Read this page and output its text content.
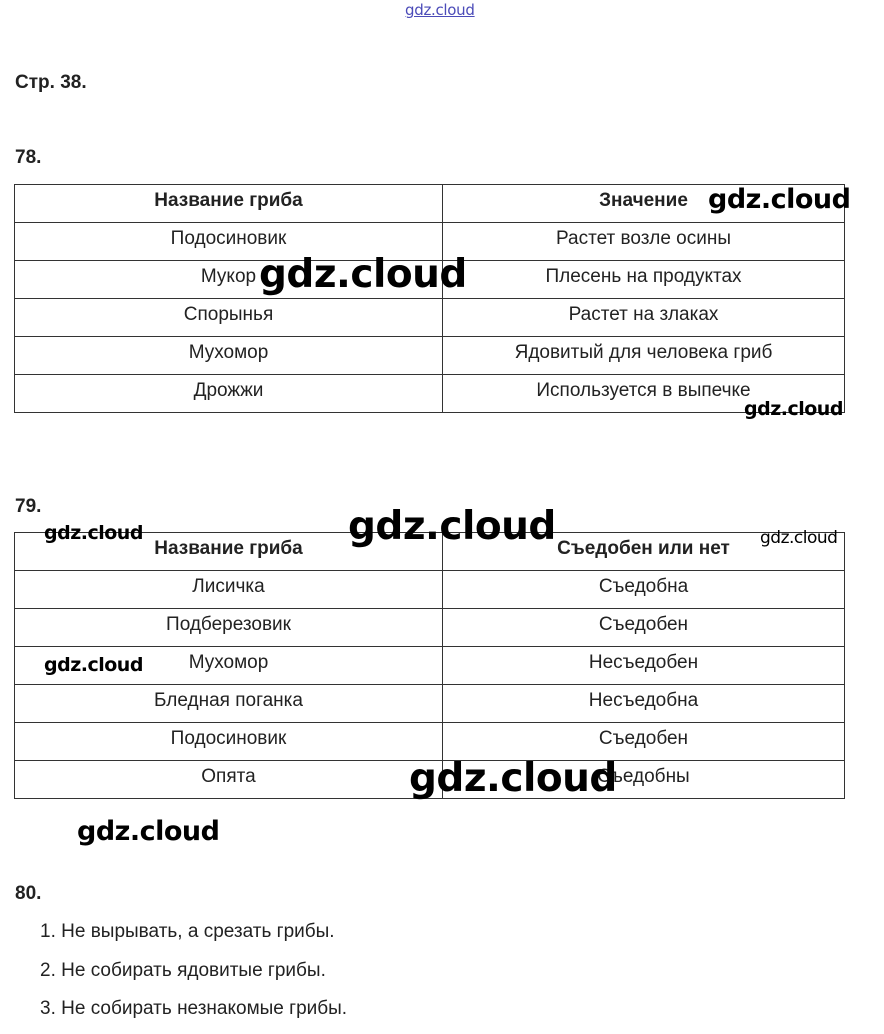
gdz.cloud
Стр. 38.
78.
Название гриба	Значение
Подосиновик	Растет возле осины
Мукор	Плесень на продуктах
Спорынья	Растет на злаках
Мухомор	Ядовитый для человека гриб
Дрожжи	Используется в выпечке
79.
Название гриба	Съедобен или нет
Лисичка	Съедобна
Подберезовик	Съедобен
Мухомор	Несъедобен
Бледная поганка	Несъедобна
Подосиновик	Съедобен
Опята	Съедобны
80.
1. Не вырывать, а срезать грибы.
2. Не собирать ядовитые грибы.
3. Не собирать незнакомые грибы.
gdz.cloud
gdz.cloud
gdz.cloud
gdz.cloud
gdz.cloud	gdz.cloud
gdz.cloud
gdz.cloud
gdz.cloud
